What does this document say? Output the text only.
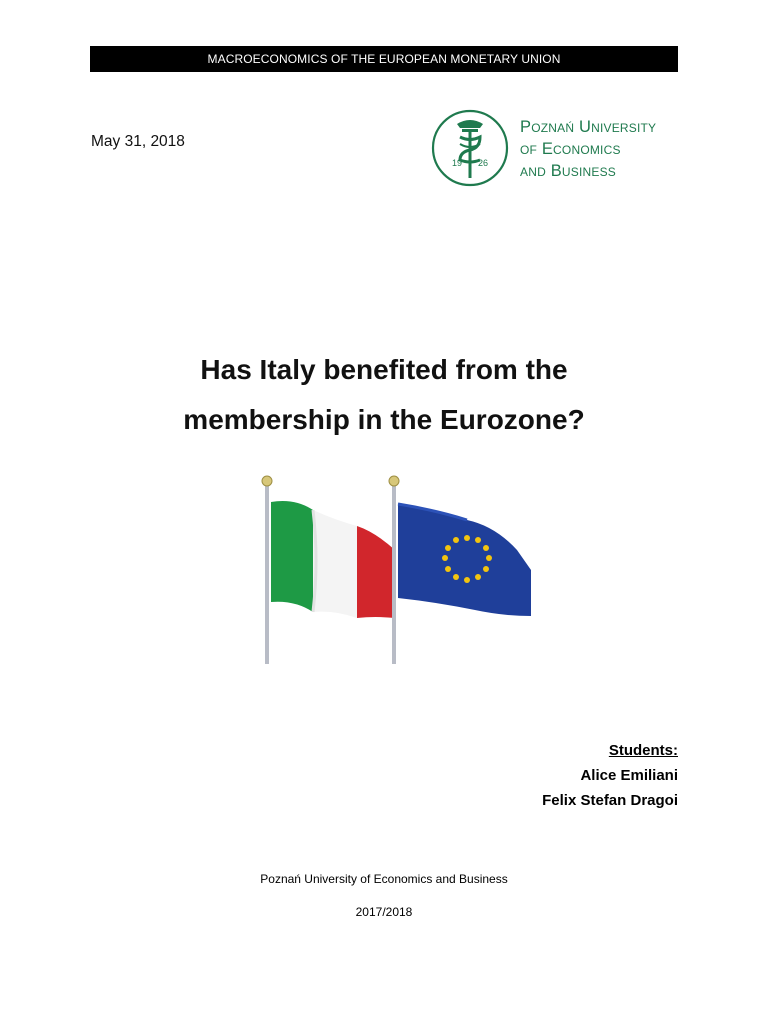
MACROECONOMICS OF THE EUROPEAN MONETARY UNION
May 31, 2018
19 26
Poznań University
of Economics
and Business
Has Italy benefited from the
membership in the Eurozone?
Students:
Alice Emiliani
Felix Stefan Dragoi
Poznań University of Economics and Business
2017/2018
